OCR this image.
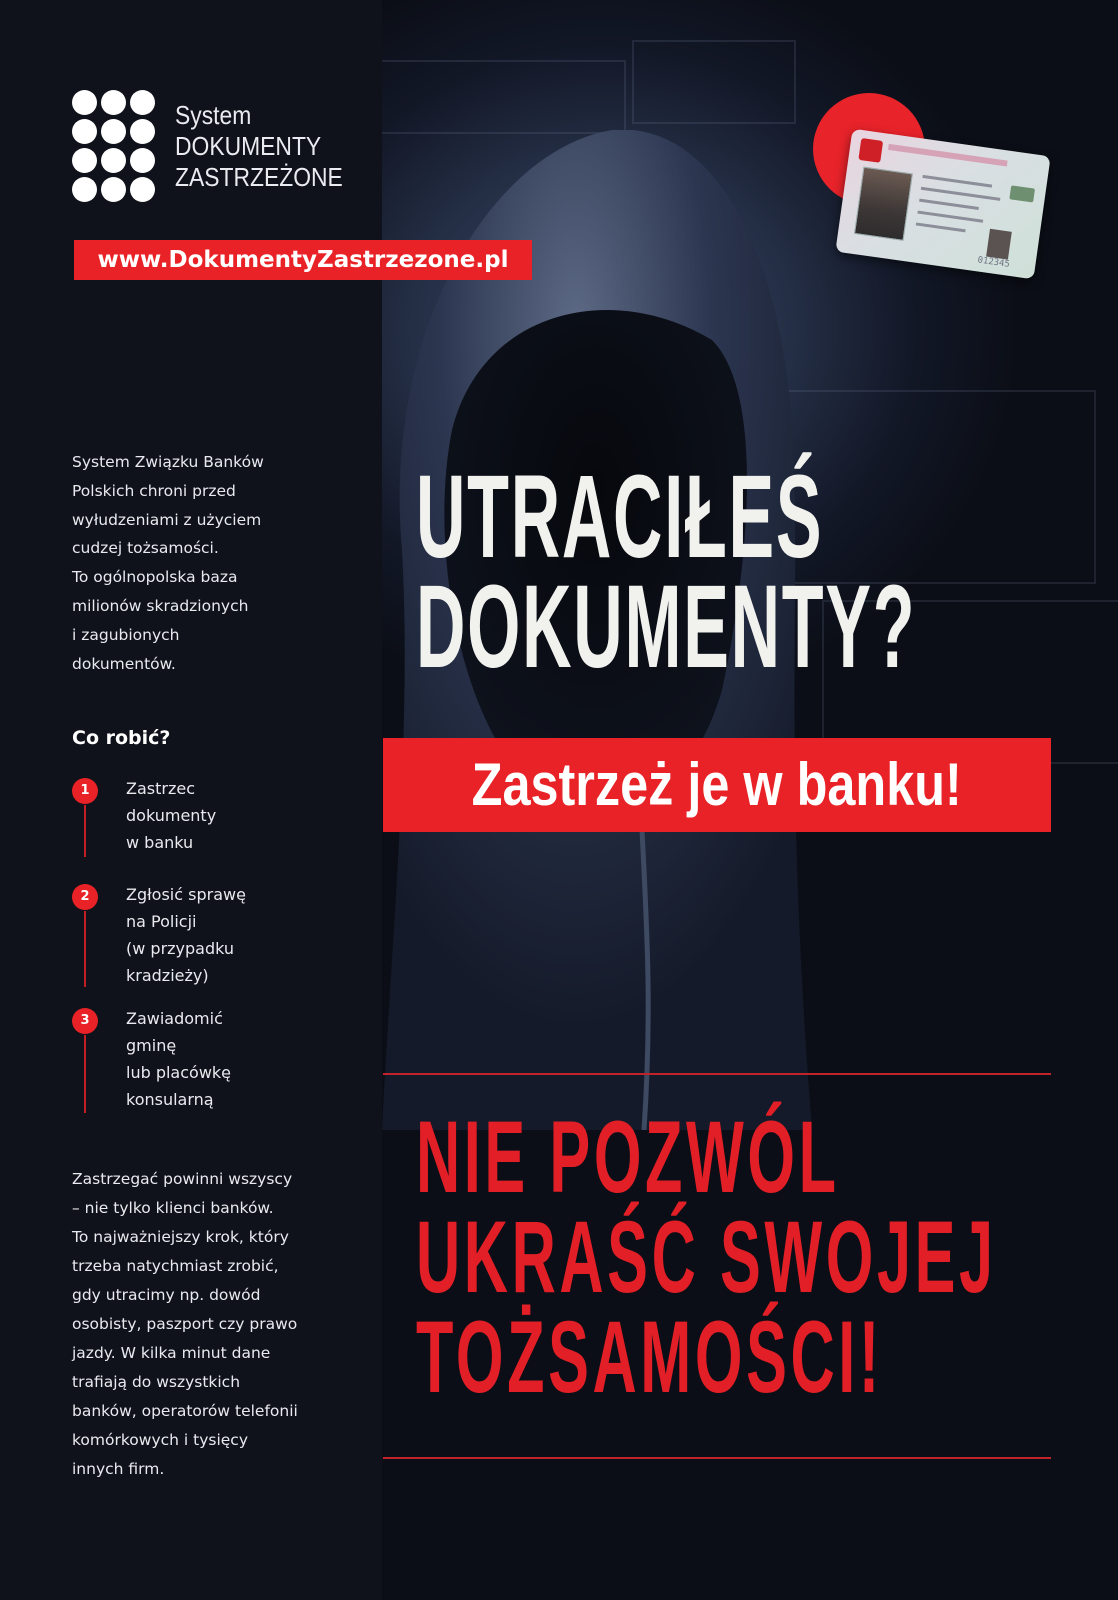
System
DOKUMENTY
ZASTRZEŻONE
www.DokumentyZastrzezone.pl

System Związku Banków

Polskich chroni przed

wyłudzeniami z użyciem

cudzej tożsamości.

To ogólnopolska baza

milionów skradzionych

i zagubionych

dokumentów.

Co robić?
1	Zastrzec
dokumenty
w banku
2	Zgłosić sprawę
na Policji
(w przypadku
kradzieży)
3	Zawiadomić
gminę
lub placówkę
konsularną
Zastrzegać powinni wszyscy
– nie tylko klienci banków.
To najważniejszy krok, który
trzeba natychmiast zrobić,
gdy utracimy np. dowód
osobisty, paszport czy prawo
jazdy. W kilka minut dane
trafiają do wszystkich
banków, operatorów telefonii
komórkowych i tysięcy
innych firm.
012345
UTRACIŁEŚ
DOKUMENTY?
Zastrzeż je w banku!
NIE POZWÓL
UKRAŚĆ SWOJEJ
TOŻSAMOŚCI!
